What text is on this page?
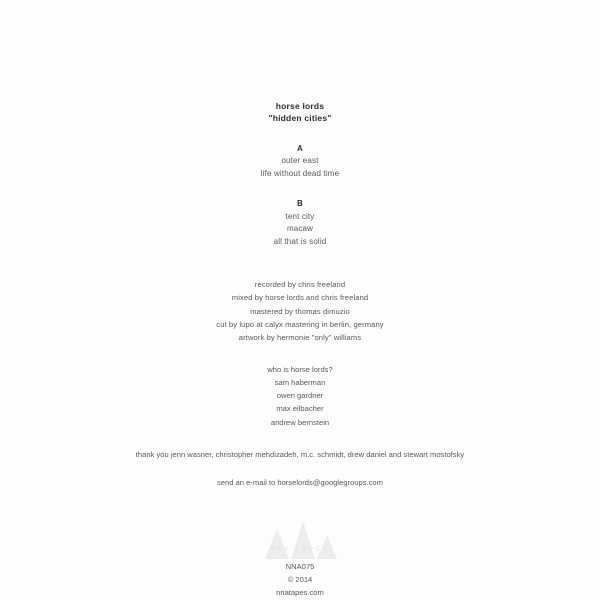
horse lords
"hidden cities"
A
outer east
life without dead time
B
tent city
macaw
all that is solid
recorded by chris freeland
mixed by horse lords and chris freeland
mastered by thomas dimuzio
cut by lupo at calyx mastering in berlin, germany
artwork by hermonie "only" williams
who is horse lords?
sam haberman
owen gardner
max eilbacher
andrew bernstein
thank you jenn wasner, christopher mehdizadeh, m.c. schmidt, drew daniel and stewart mostofsky
send an e-mail to horselords@googlegroups.com
NNA TAPES
NNA075
© 2014
nnatapes.com
